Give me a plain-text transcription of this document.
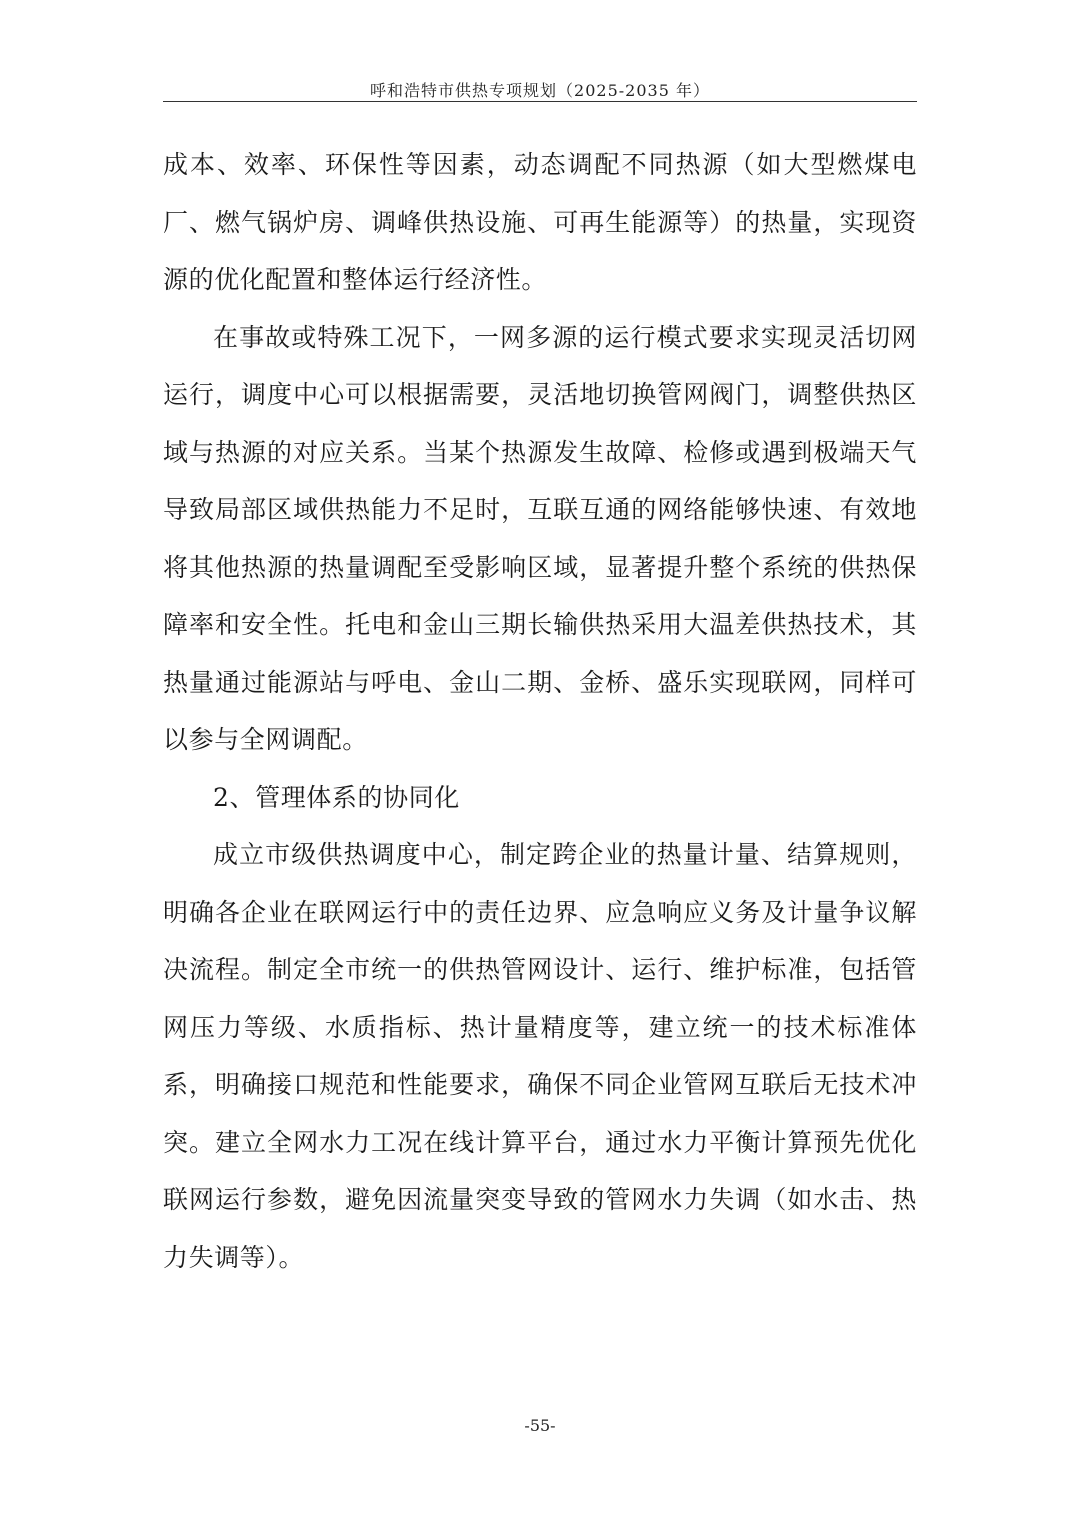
呼和浩特市供热专项规划（2025-2035 年）

成本、效率、环保性等因素，动态调配不同热源（如大型燃煤电厂、燃气锅炉房、调峰供热设施、可再生能源等）的热量，实现资源的优化配置和整体运行经济性。

在事故或特殊工况下，一网多源的运行模式要求实现灵活切网运行，调度中心可以根据需要，灵活地切换管网阀门，调整供热区域与热源的对应关系。当某个热源发生故障、检修或遇到极端天气导致局部区域供热能力不足时，互联互通的网络能够快速、有效地将其他热源的热量调配至受影响区域，显著提升整个系统的供热保障率和安全性。托电和金山三期长输供热采用大温差供热技术，其热量通过能源站与呼电、金山二期、金桥、盛乐实现联网，同样可以参与全网调配。

2、管理体系的协同化

成立市级供热调度中心，制定跨企业的热量计量、结算规则，明确各企业在联网运行中的责任边界、应急响应义务及计量争议解决流程。制定全市统一的供热管网设计、运行、维护标准，包括管网压力等级、水质指标、热计量精度等，建立统一的技术标准体系，明确接口规范和性能要求，确保不同企业管网互联后无技术冲突。建立全网水力工况在线计算平台，通过水力平衡计算预先优化联网运行参数，避免因流量突变导致的管网水力失调（如水击、热力失调等）。

-55-
